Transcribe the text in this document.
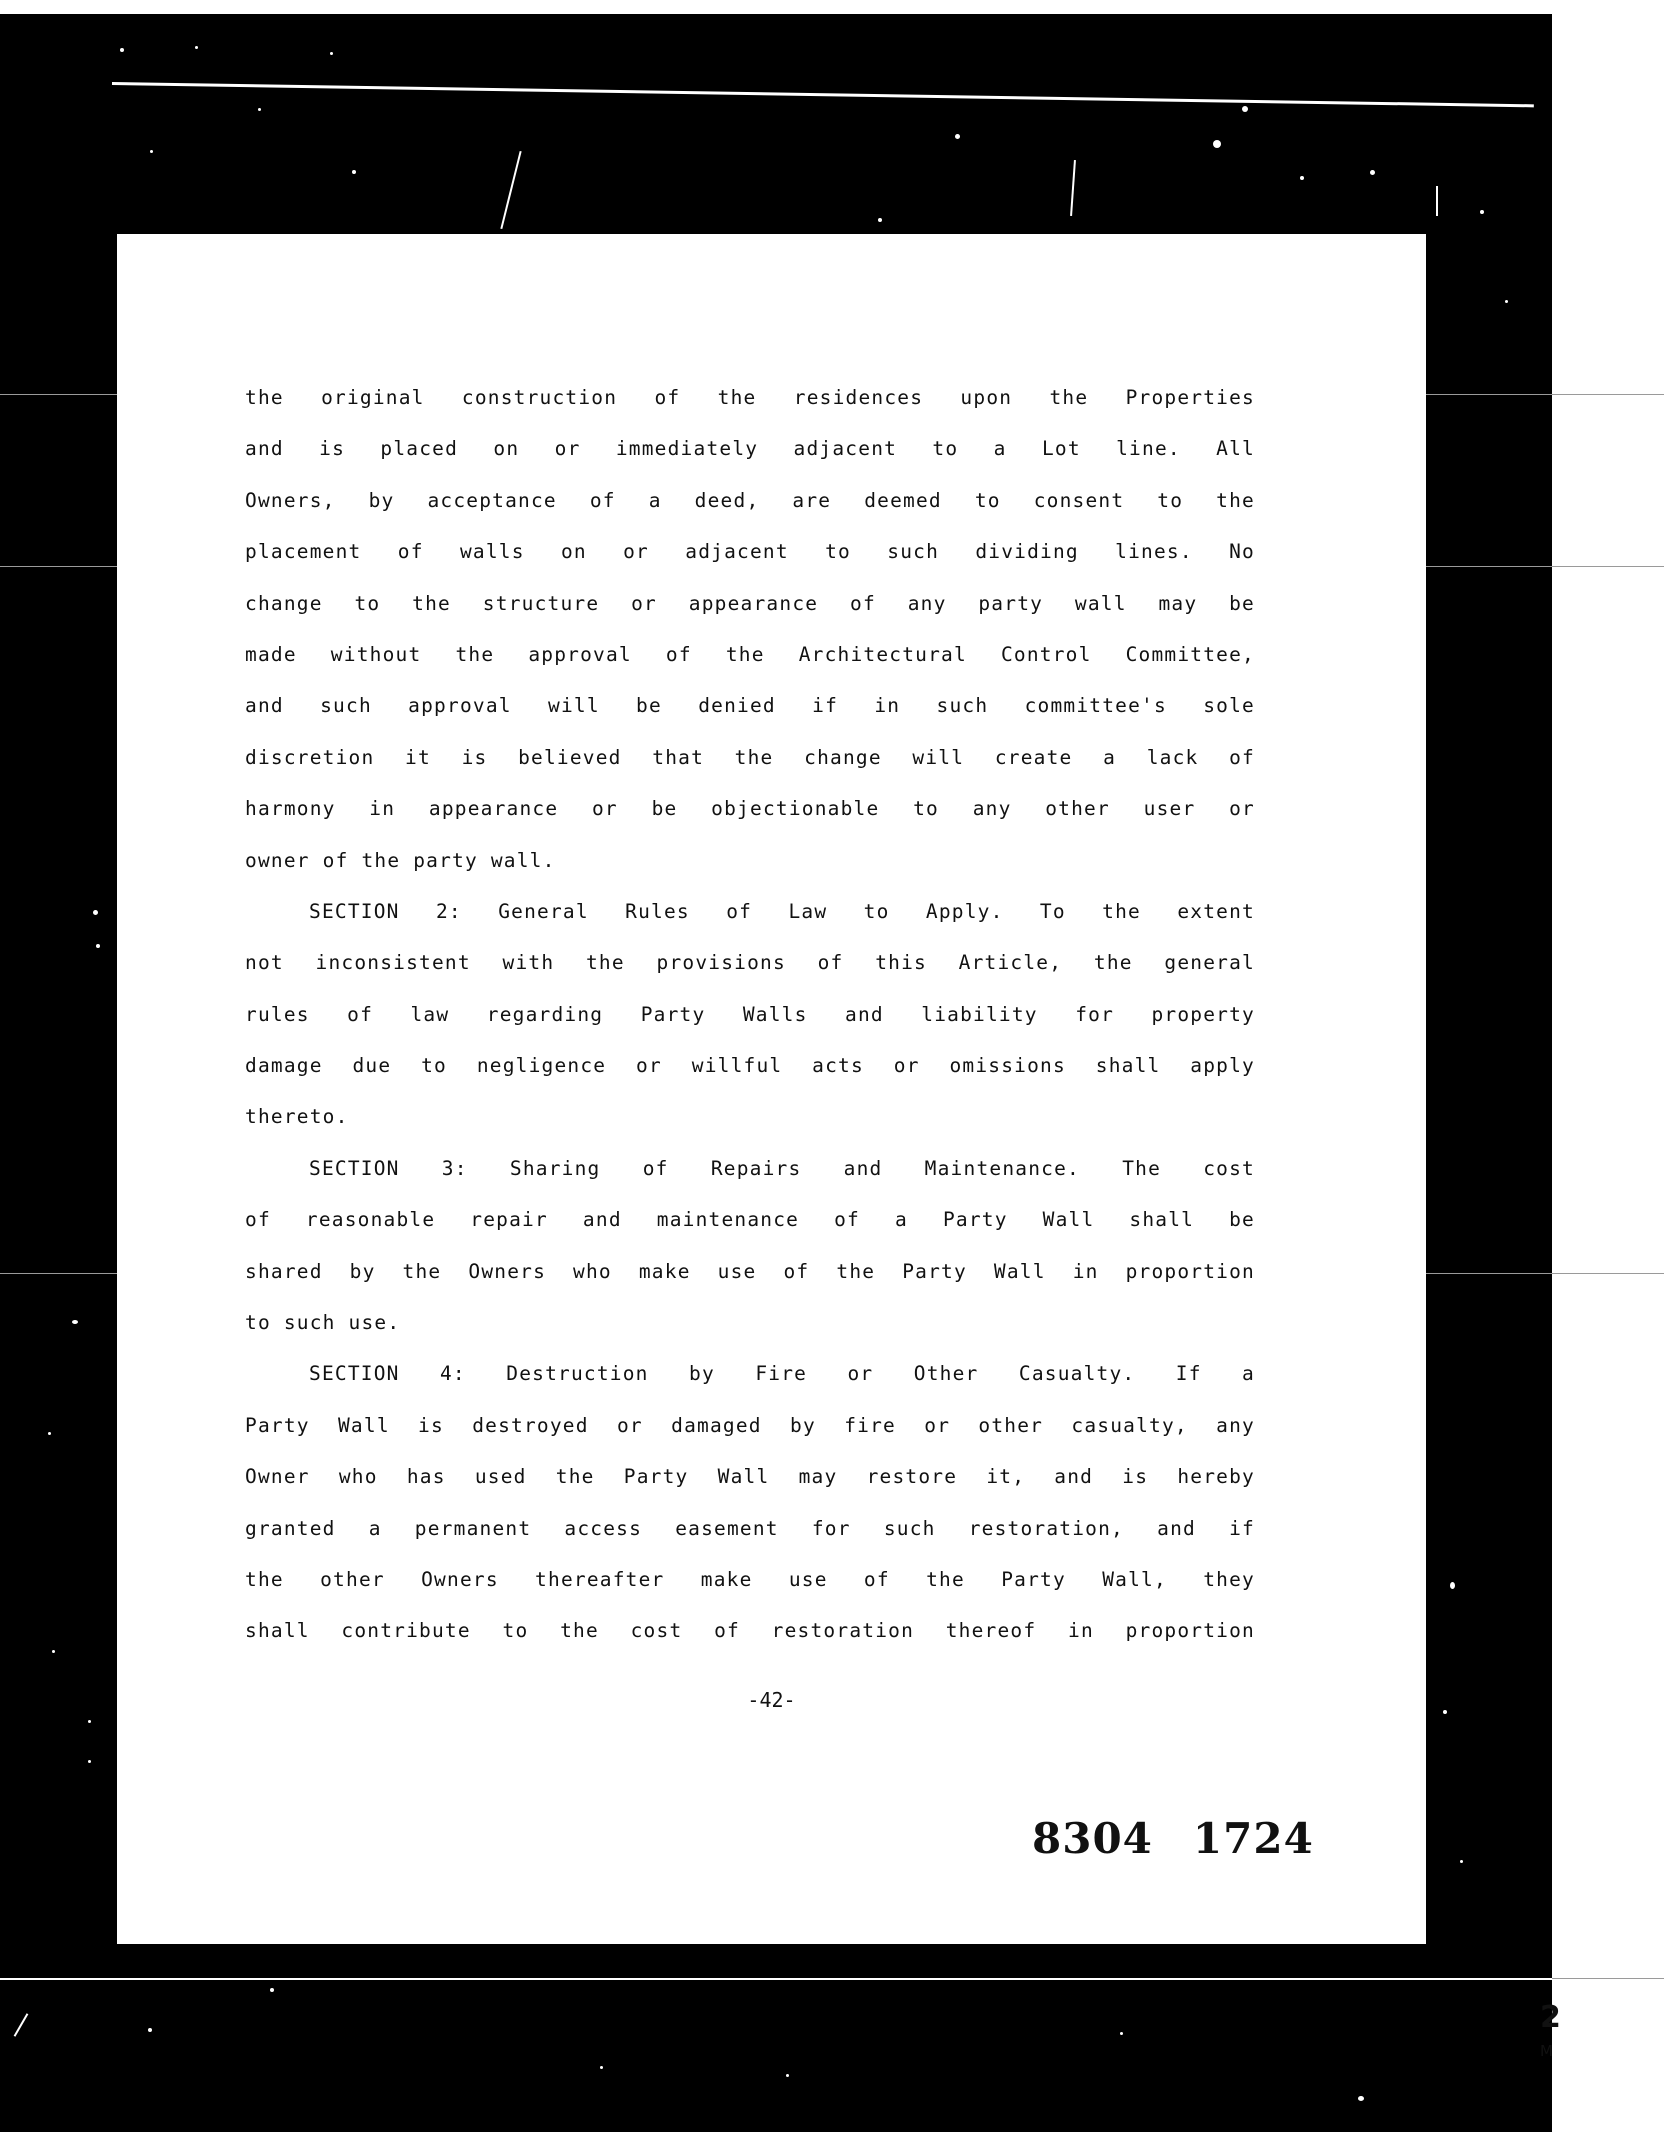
the original construction of the residences upon the Properties
and is placed on or immediately adjacent to a Lot line. All
Owners, by acceptance of a deed, are deemed to consent to the
placement of walls on or adjacent to such dividing lines. No
change to the structure or appearance of any party wall may be
made without the approval of the Architectural Control Committee,
and such approval will be denied if in such committee's sole
discretion it is believed that the change will create a lack of
harmony in appearance or be objectionable to any other user or
owner of the party wall.
SECTION 2: General Rules of Law to Apply. To the extent
not inconsistent with the provisions of this Article, the general
rules of law regarding Party Walls and liability for property
damage due to negligence or willful acts or omissions shall apply
thereto.
SECTION 3: Sharing of Repairs and Maintenance. The cost
of reasonable repair and maintenance of a Party Wall shall be
shared by the Owners who make use of the Party Wall in proportion
to such use.
SECTION 4: Destruction by Fire or Other Casualty. If a
Party Wall is destroyed or damaged by fire or other casualty, any
Owner who has used the Party Wall may restore it, and is hereby
granted a permanent access easement for such restoration, and if
the other Owners thereafter make use of the Party Wall, they
shall contribute to the cost of restoration thereof in proportion
-42-
8304 1724
2
M
